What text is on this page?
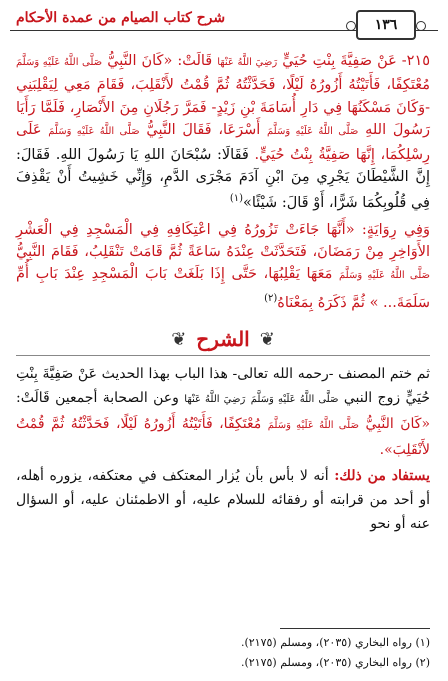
١٣٦
شرح كتاب الصيام من عمدة الأحكام

٢١٥- عَنْ صَفِيَّةَ بِنْتِ حُيَيٍّ رَضِيَ اللَّهُ عَنْهَا قَالَتْ: «كَانَ النَّبِيُّ صَلَّى اللَّهُ عَلَيْهِ وَسَلَّمَ مُعْتَكِفًا، فَأَتَيْتُهُ أَزُورُهُ لَيْلًا، فَحَدَّثْتُهُ ثُمَّ قُمْتُ لأَنْقَلِبَ، فَقَامَ مَعِي لِيَقْلِبَنِي -وَكَانَ مَسْكَنُهَا فِي دَارِ أُسَامَةَ بْنِ زَيْدٍ- فَمَرَّ رَجُلَانِ مِنَ الأَنْصَارِ، فَلَمَّا رَأَيَا رَسُولَ اللهِ صَلَّى اللَّهُ عَلَيْهِ وَسَلَّمَ أَسْرَعَا، فَقَالَ النَّبِيُّ صَلَّى اللَّهُ عَلَيْهِ وَسَلَّمَ عَلَى رِسْلِكُمَا، إِنَّهَا صَفِيَّةُ بِنْتُ حُيَيٍّ. فَقَالَا: سُبْحَانَ اللهِ يَا رَسُولَ اللهِ. فَقَالَ: إِنَّ الشَّيْطَانَ يَجْرِي مِنَ ابْنِ آدَمَ مَجْرَى الدَّمِ، وَإِنِّي خَشِيتُ أَنْ يَقْذِفَ فِي قُلُوبِكُمَا شَرًّا، أَوْ قَالَ: شَيْئًا»$^{(١)}$

وَفِي رِوَايَةٍ: «أَنَّهَا جَاءَتْ تَزُورُهُ فِي اعْتِكَافِهِ فِي الْمَسْجِدِ فِي الْعَشْرِ الأَوَاخِرِ مِنْ رَمَضَانَ، فَتَحَدَّثَتْ عِنْدَهُ سَاعَةً ثُمَّ قَامَتْ تَنْقَلِبُ، فَقَامَ النَّبِيُّ صَلَّى اللَّهُ عَلَيْهِ وَسَلَّمَ مَعَهَا يَقْلِبُهَا، حَتَّى إِذَا بَلَغَتْ بَابَ الْمَسْجِدِ عِنْدَ بَابِ أُمِّ سَلَمَةَ... » ثُمَّ ذَكَرَهُ بِمَعْنَاهُ$^{(٢)}$

❦
الشرح
❦

ثم ختم المصنف -رحمه الله تعالى- هذا الباب بهذا الحديث عَنْ صَفِيَّةَ بِنْتِ حُيَيٍّ زوج النبي صَلَّى اللَّهُ عَلَيْهِ وَسَلَّمَ رَضِيَ اللَّهُ عَنْهَا وعن الصحابة أجمعين قَالَتْ: «كَانَ النَّبِيُّ صَلَّى اللَّهُ عَلَيْهِ وَسَلَّمَ مُعْتَكِفًا، فَأَتَيْتُهُ أَزُورُهُ لَيْلًا، فَحَدَّثْتُهُ ثُمَّ قُمْتُ لأَنْقَلِبَ».

يستفاد من ذلك: أنه لا بأس بأن يُزار المعتكف في معتكفه، يزوره أهله، أو أحد من قرابته أو رفقائه للسلام عليه، أو الاطمئنان عليه، أو السؤال عنه أو نحو

(١) رواه البخاري (٢٠٣٥)، ومسلم (٢١٧٥).
(٢) رواه البخاري (٢٠٣٥)، ومسلم (٢١٧٥).
